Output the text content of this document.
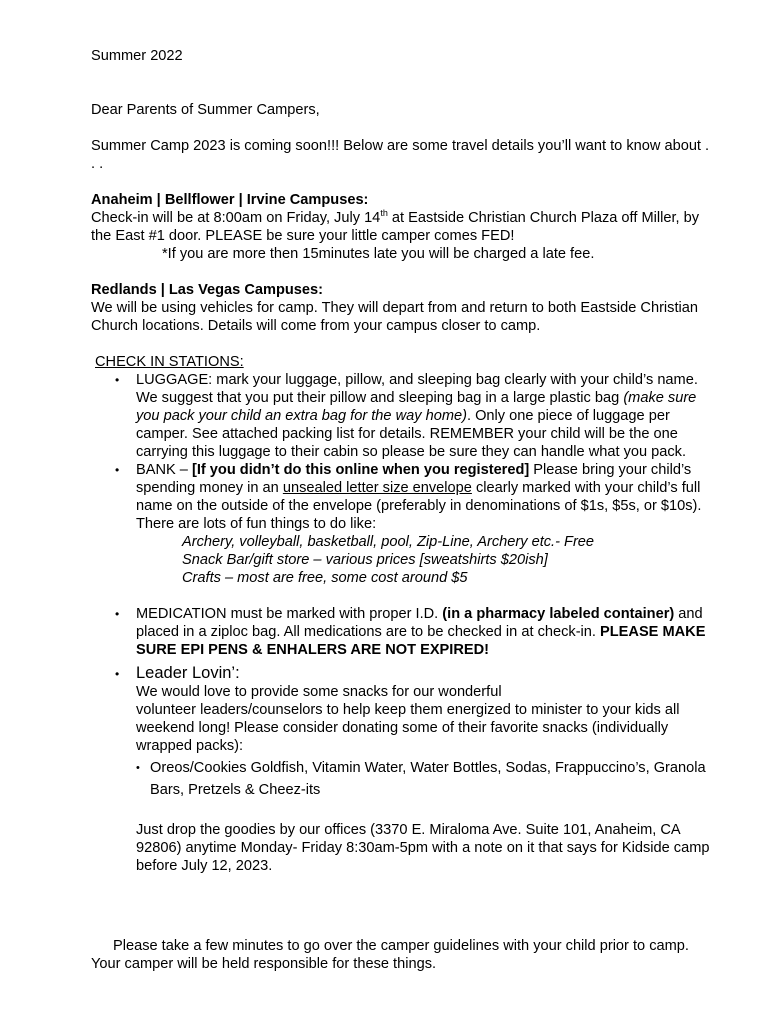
Summer 2022

Dear Parents of Summer Campers,

Summer Camp 2023 is coming soon!!! Below are some travel details you’ll want to know about . . .

Anaheim | Bellflower | Irvine Campuses:

Check-in will be at 8:00am on Friday, July 14th at Eastside Christian Church Plaza off Miller, by the East #1 door. PLEASE be sure your little camper comes FED!

*If you are more then 15minutes late you will be charged a late fee.

Redlands | Las Vegas Campuses:

We will be using vehicles for camp. They will depart from and return to both Eastside Christian Church locations. Details will come from your campus closer to camp.

CHECK IN STATIONS:

• LUGGAGE: mark your luggage, pillow, and sleeping bag clearly with your child’s name. We suggest that you put their pillow and sleeping bag in a large plastic bag (make sure you pack your child an extra bag for the way home). Only one piece of luggage per camper. See attached packing list for details. REMEMBER your child will be the one carrying this luggage to their cabin so please be sure they can handle what you pack.
• BANK – [If you didn’t do this online when you registered] Please bring your child’s spending money in an unsealed letter size envelope clearly marked with your child’s full name on the outside of the envelope (preferably in denominations of $1s, $5s, or $10s). There are lots of fun things to do like:

Archery, volleyball, basketball, pool, Zip-Line, Archery etc.- Free

Snack Bar/gift store – various prices [sweatshirts $20ish]

Crafts – most are free, some cost around $5

• MEDICATION must be marked with proper I.D. (in a pharmacy labeled container) and placed in a ziploc bag. All medications are to be checked in at check-in. PLEASE MAKE SURE EPI PENS & ENHALERS ARE NOT EXPIRED!
• Leader Lovin’:

We would love to provide some snacks for our wonderful

volunteer leaders/counselors to help keep them energized to minister to your kids all weekend long! Please consider donating some of their favorite snacks (individually wrapped packs):

• Oreos/Cookies Goldfish, Vitamin Water, Water Bottles, Sodas, Frappuccino’s, Granola Bars, Pretzels & Cheez-its

Just drop the goodies by our offices (3370 E. Miraloma Ave. Suite 101, Anaheim, CA 92806) anytime Monday- Friday 8:30am-5pm with a note on it that says for Kidside camp before July 12, 2023.

Please take a few minutes to go over the camper guidelines with your child prior to camp. Your camper will be held responsible for these things.
